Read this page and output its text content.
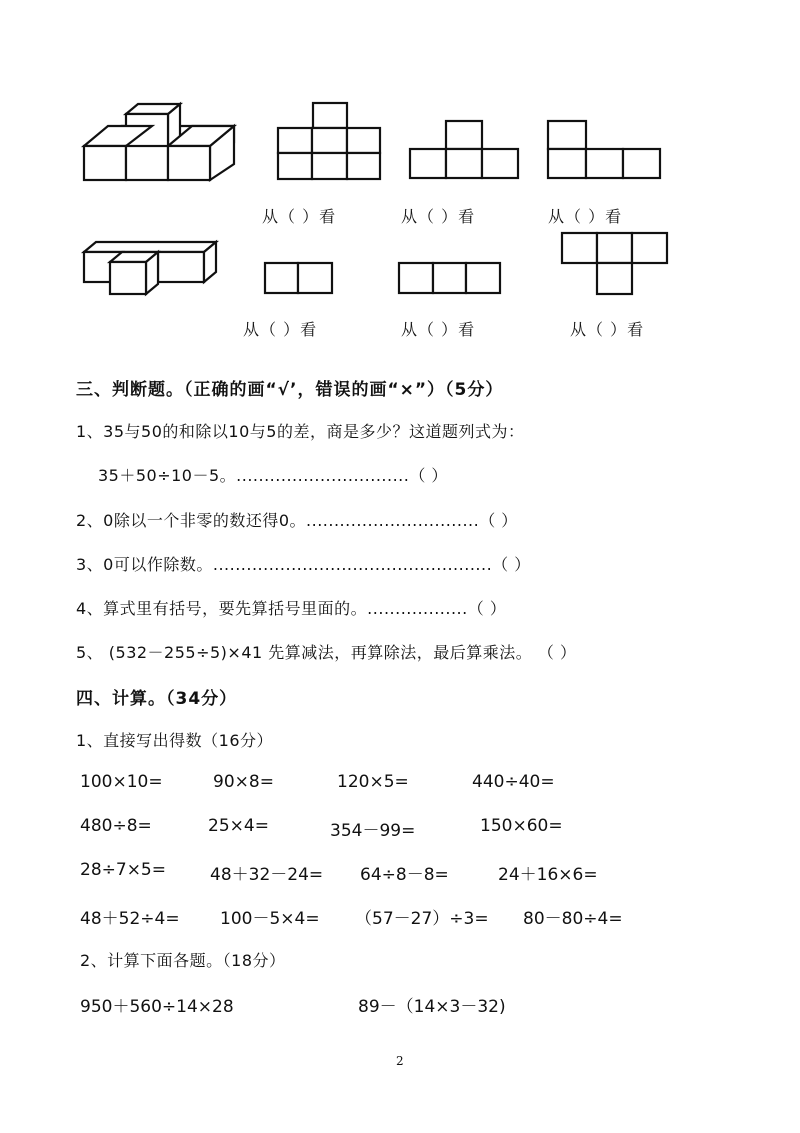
从（ ）看	从（ ）看	从（ ）看
从（ ）看	从（ ）看	从（ ）看
三、判断题。（正确的画“√’，错误的画“×”）（5分）
1、35与50的和除以10与5的差，商是多少？这道题列式为：
35＋50÷10－5。...............................（ ）
2、0除以一个非零的数还得0。...............................（ ）
3、0可以作除数。..................................................（ ）
4、算式里有括号，要先算括号里面的。..................（ ）
5、 (532－255÷5)×41 先算减法，再算除法，最后算乘法。 （ ）
四、计算。（34分）
1、直接写出得数（16分）
100×10=	90×8=	120×5=	440÷40=
480÷8=	25×4=	354－99=	150×60=
28÷7×5=	48＋32－24= 64÷8－8=	24＋16×6=
48＋52÷4= 100－5×4= （57－27）÷3= 80－80÷4=
2、计算下面各题。（18分）
950＋560÷14×28	89－（14×3－32)
2
